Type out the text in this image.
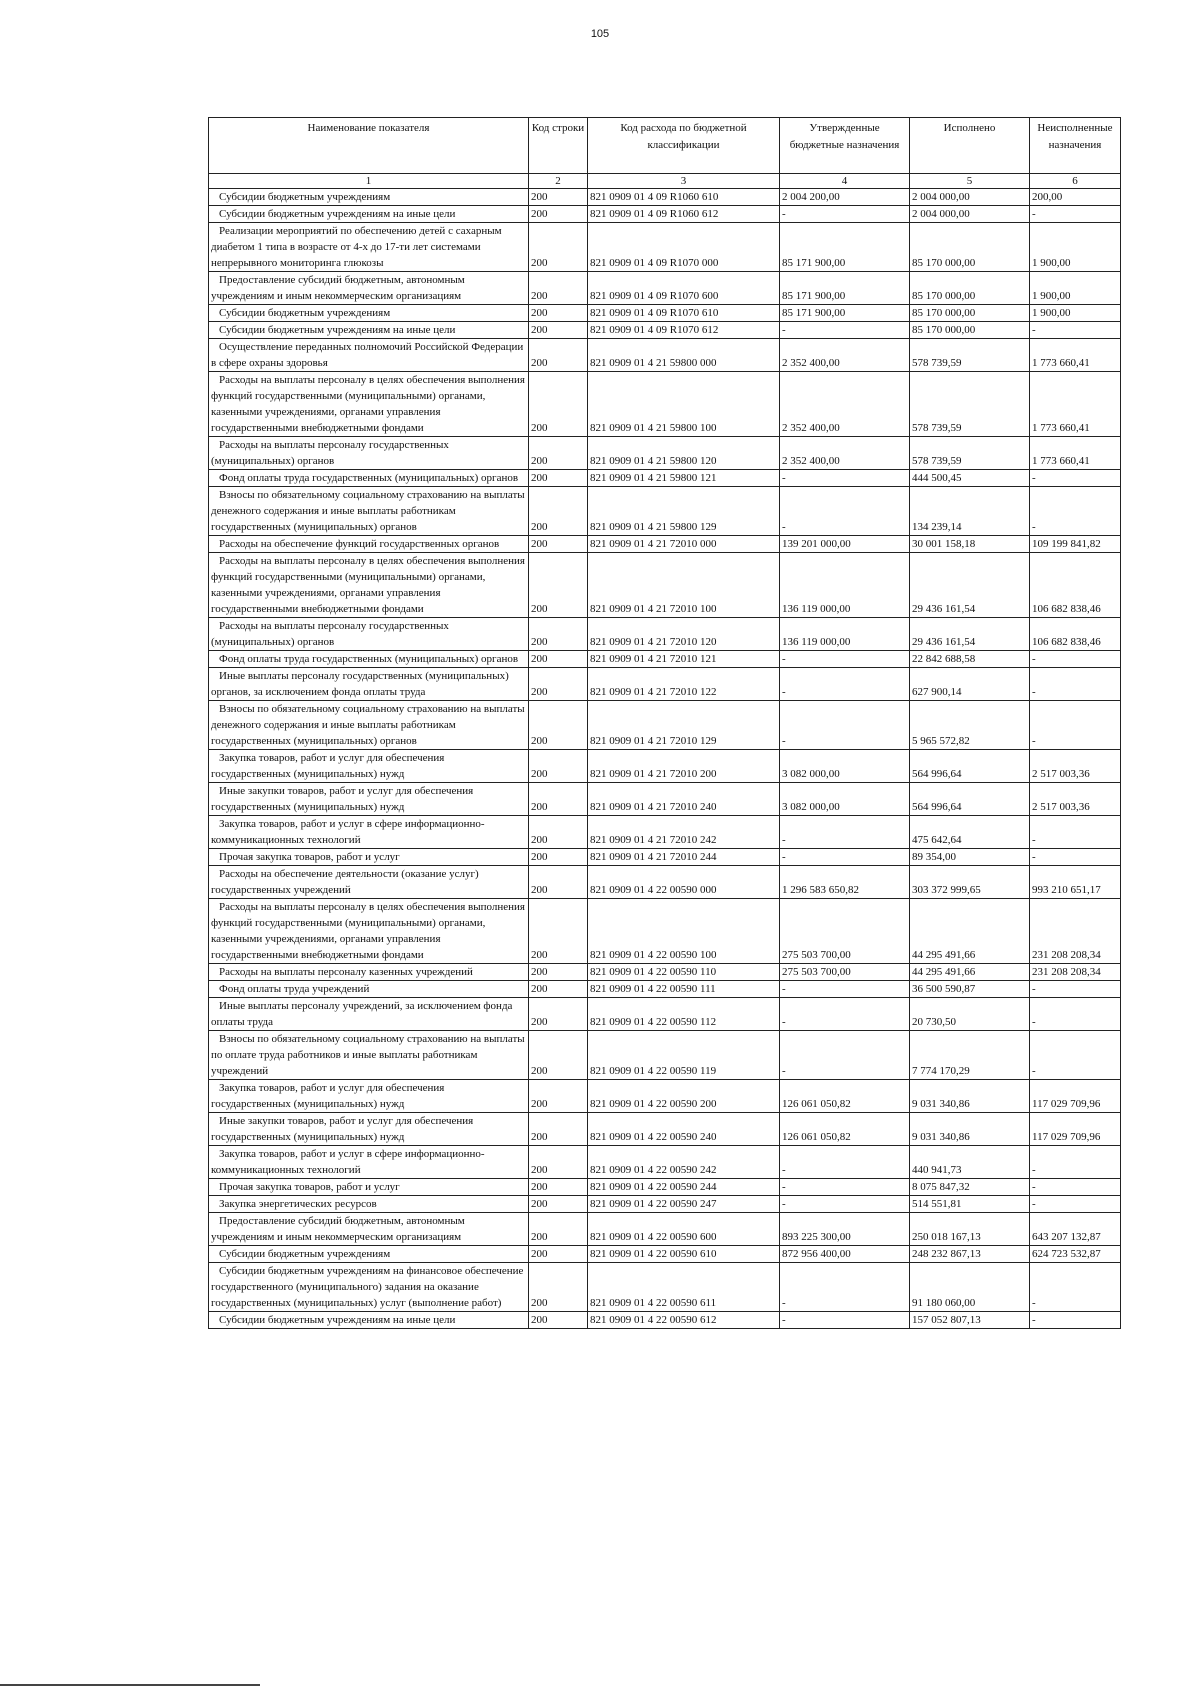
105
Наименование показателя	Код строки	Код расхода по бюджетной классификации	Утвержденные бюджетные назначения	Исполнено	Неисполненные назначения
1	2	3	4	5	6
Субсидии бюджетным учреждениям	200	821 0909 01 4 09 R1060 610	2 004 200,00	2 004 000,00	200,00
Субсидии бюджетным учреждениям на иные цели	200	821 0909 01 4 09 R1060 612	-	2 004 000,00	-
Реализации мероприятий по обеспечению детей с сахарным диабетом 1 типа в возрасте от 4-х до 17-ти лет системами непрерывного мониторинга глюкозы	200	821 0909 01 4 09 R1070 000	85 171 900,00	85 170 000,00	1 900,00
Предоставление субсидий бюджетным, автономным учреждениям и иным некоммерческим организациям	200	821 0909 01 4 09 R1070 600	85 171 900,00	85 170 000,00	1 900,00
Субсидии бюджетным учреждениям	200	821 0909 01 4 09 R1070 610	85 171 900,00	85 170 000,00	1 900,00
Субсидии бюджетным учреждениям на иные цели	200	821 0909 01 4 09 R1070 612	-	85 170 000,00	-
Осуществление переданных полномочий Российской Федерации в сфере охраны здоровья	200	821 0909 01 4 21 59800 000	2 352 400,00	578 739,59	1 773 660,41
Расходы на выплаты персоналу в целях обеспечения выполнения функций государственными (муниципальными) органами, казенными учреждениями, органами управления государственными внебюджетными фондами	200	821 0909 01 4 21 59800 100	2 352 400,00	578 739,59	1 773 660,41
Расходы на выплаты персоналу государственных (муниципальных) органов	200	821 0909 01 4 21 59800 120	2 352 400,00	578 739,59	1 773 660,41
Фонд оплаты труда государственных (муниципальных) органов	200	821 0909 01 4 21 59800 121	-	444 500,45	-
Взносы по обязательному социальному страхованию на выплаты денежного содержания и иные выплаты работникам государственных (муниципальных) органов	200	821 0909 01 4 21 59800 129	-	134 239,14	-
Расходы на обеспечение функций государственных органов	200	821 0909 01 4 21 72010 000	139 201 000,00	30 001 158,18	109 199 841,82
Расходы на выплаты персоналу в целях обеспечения выполнения функций государственными (муниципальными) органами, казенными учреждениями, органами управления государственными внебюджетными фондами	200	821 0909 01 4 21 72010 100	136 119 000,00	29 436 161,54	106 682 838,46
Расходы на выплаты персоналу государственных (муниципальных) органов	200	821 0909 01 4 21 72010 120	136 119 000,00	29 436 161,54	106 682 838,46
Фонд оплаты труда государственных (муниципальных) органов	200	821 0909 01 4 21 72010 121	-	22 842 688,58	-
Иные выплаты персоналу государственных (муниципальных) органов, за исключением фонда оплаты труда	200	821 0909 01 4 21 72010 122	-	627 900,14	-
Взносы по обязательному социальному страхованию на выплаты денежного содержания и иные выплаты работникам государственных (муниципальных) органов	200	821 0909 01 4 21 72010 129	-	5 965 572,82	-
Закупка товаров, работ и услуг для обеспечения государственных (муниципальных) нужд	200	821 0909 01 4 21 72010 200	3 082 000,00	564 996,64	2 517 003,36
Иные закупки товаров, работ и услуг для обеспечения государственных (муниципальных) нужд	200	821 0909 01 4 21 72010 240	3 082 000,00	564 996,64	2 517 003,36
Закупка товаров, работ и услуг в сфере информационно-коммуникационных технологий	200	821 0909 01 4 21 72010 242	-	475 642,64	-
Прочая закупка товаров, работ и услуг	200	821 0909 01 4 21 72010 244	-	89 354,00	-
Расходы на обеспечение деятельности (оказание услуг) государственных учреждений	200	821 0909 01 4 22 00590 000	1 296 583 650,82	303 372 999,65	993 210 651,17
Расходы на выплаты персоналу в целях обеспечения выполнения функций государственными (муниципальными) органами, казенными учреждениями, органами управления государственными внебюджетными фондами	200	821 0909 01 4 22 00590 100	275 503 700,00	44 295 491,66	231 208 208,34
Расходы на выплаты персоналу казенных учреждений	200	821 0909 01 4 22 00590 110	275 503 700,00	44 295 491,66	231 208 208,34
Фонд оплаты труда учреждений	200	821 0909 01 4 22 00590 111	-	36 500 590,87	-
Иные выплаты персоналу учреждений, за исключением фонда оплаты труда	200	821 0909 01 4 22 00590 112	-	20 730,50	-
Взносы по обязательному социальному страхованию на выплаты по оплате труда работников и иные выплаты работникам учреждений	200	821 0909 01 4 22 00590 119	-	7 774 170,29	-
Закупка товаров, работ и услуг для обеспечения государственных (муниципальных) нужд	200	821 0909 01 4 22 00590 200	126 061 050,82	9 031 340,86	117 029 709,96
Иные закупки товаров, работ и услуг для обеспечения государственных (муниципальных) нужд	200	821 0909 01 4 22 00590 240	126 061 050,82	9 031 340,86	117 029 709,96
Закупка товаров, работ и услуг в сфере информационно-коммуникационных технологий	200	821 0909 01 4 22 00590 242	-	440 941,73	-
Прочая закупка товаров, работ и услуг	200	821 0909 01 4 22 00590 244	-	8 075 847,32	-
Закупка энергетических ресурсов	200	821 0909 01 4 22 00590 247	-	514 551,81	-
Предоставление субсидий бюджетным, автономным учреждениям и иным некоммерческим организациям	200	821 0909 01 4 22 00590 600	893 225 300,00	250 018 167,13	643 207 132,87
Субсидии бюджетным учреждениям	200	821 0909 01 4 22 00590 610	872 956 400,00	248 232 867,13	624 723 532,87
Субсидии бюджетным учреждениям на финансовое обеспечение государственного (муниципального) задания на оказание государственных (муниципальных) услуг (выполнение работ)	200	821 0909 01 4 22 00590 611	-	91 180 060,00	-
Субсидии бюджетным учреждениям на иные цели	200	821 0909 01 4 22 00590 612	-	157 052 807,13	-
